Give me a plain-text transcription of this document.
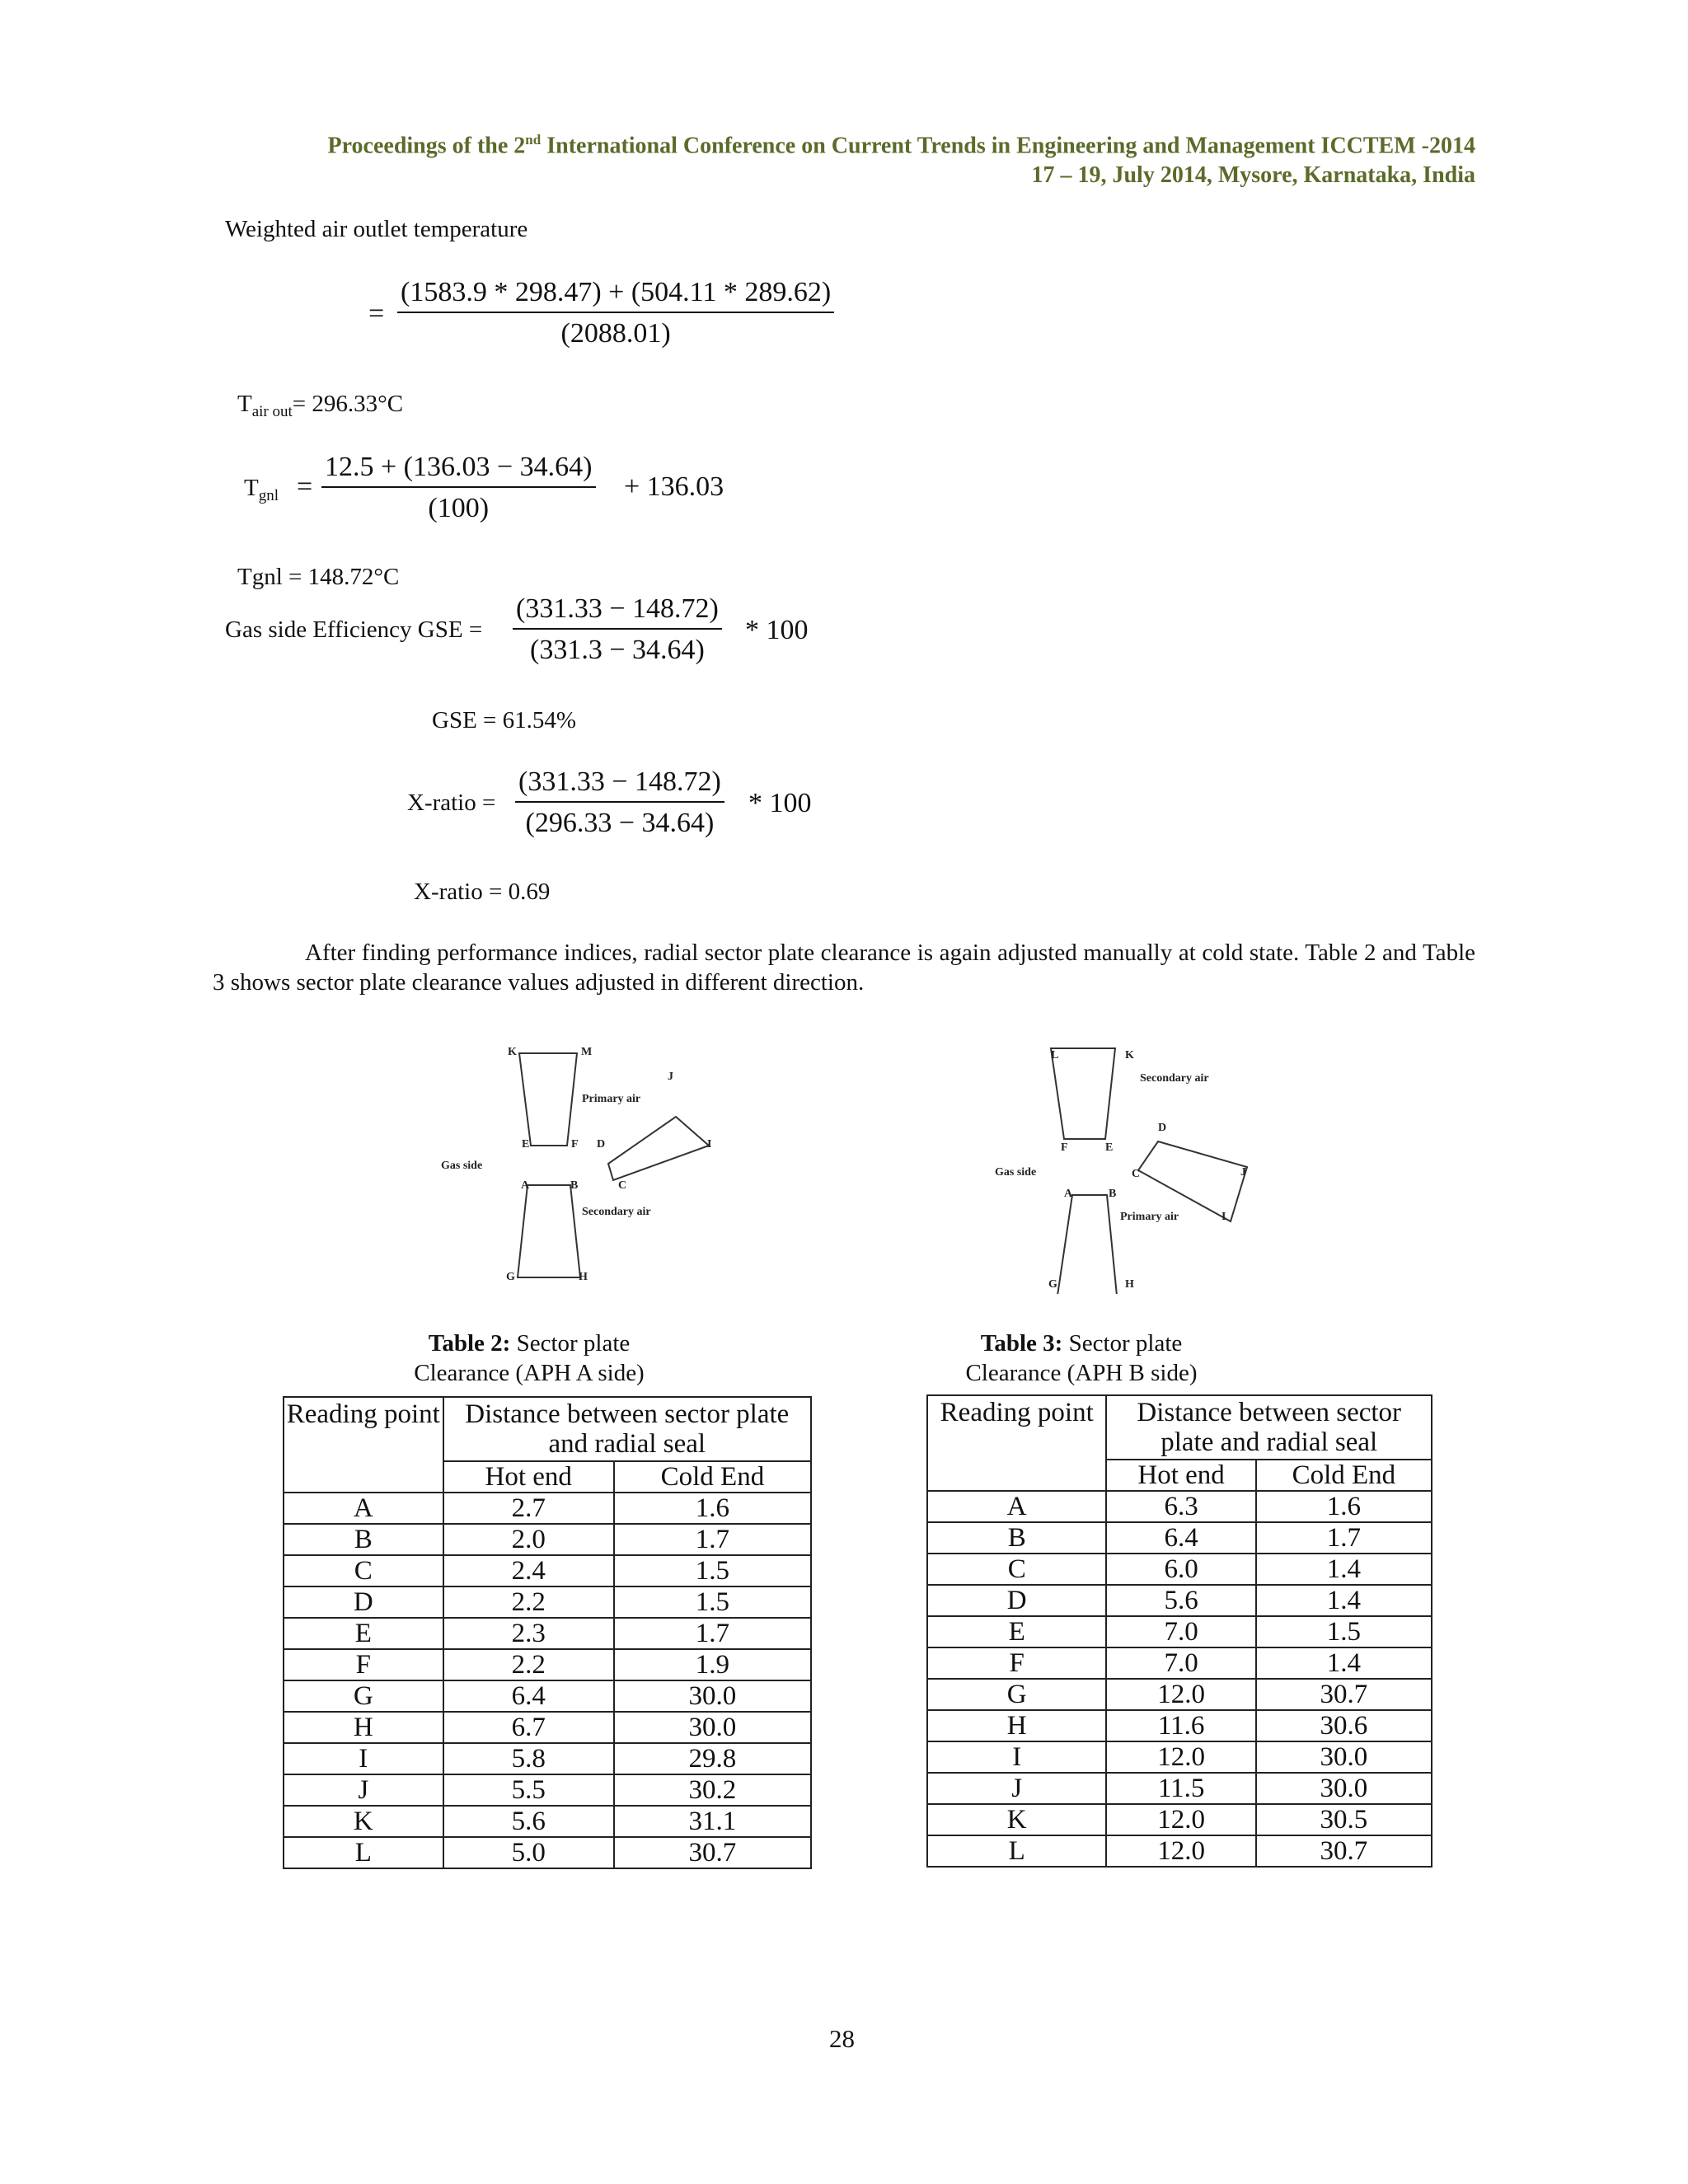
Proceedings of the 2nd International Conference on Current Trends in Engineering and Management ICCTEM -2014
17 – 19, July 2014, Mysore, Karnataka, India
Weighted air outlet temperature
= $\frac{(1583.9 * 298.47) + (504.11 * 289.62)}{(2088.01)}$
$T_{air out}= 296.33^\circ C$
$T_{gnl} = \frac{12.5 + (136.03 - 34.64)}{(100)} + 136.03$
Tgnl = 148.72°C
Gas side Efficiency GSE = $\frac{(331.33 - 148.72)}{(331.3 - 34.64)} * 100$
GSE = 61.54%
X-ratio = $\frac{(331.33 - 148.72)}{(296.33 - 34.64)} * 100$
X-ratio = 0.69
After finding performance indices, radial sector plate clearance is again adjusted manually at cold state. Table 2 and Table 3 shows sector plate clearance values adjusted in different direction.
K	M
J
Primary air
E	F D	I
Gas side
A	B	C
Secondary air
G	H
L	K
Secondary air
D
F	E
C	J
Gas side
A	B
Primary air	I
G	H
Table 2: Sector plate
Clearance (APH A side)
Reading point	Distance between sector plate and radial seal	
	Hot end	Cold End
A	2.7	1.6
B	2.0	1.7
C	2.4	1.5
D	2.2	1.5
E	2.3	1.7
F	2.2	1.9
G	6.4	30.0
H	6.7	30.0
I	5.8	29.8
J	5.5	30.2
K	5.6	31.1
L	5.0	30.7
Table 3: Sector plate
Clearance (APH B side)
Reading point	Distance between sector plate and radial seal	
	Hot end	Cold End
A	6.3	1.6
B	6.4	1.7
C	6.0	1.4
D	5.6	1.4
E	7.0	1.5
F	7.0	1.4
G	12.0	30.7
H	11.6	30.6
I	12.0	30.0
J	11.5	30.0
K	12.0	30.5
L	12.0	30.7
28
